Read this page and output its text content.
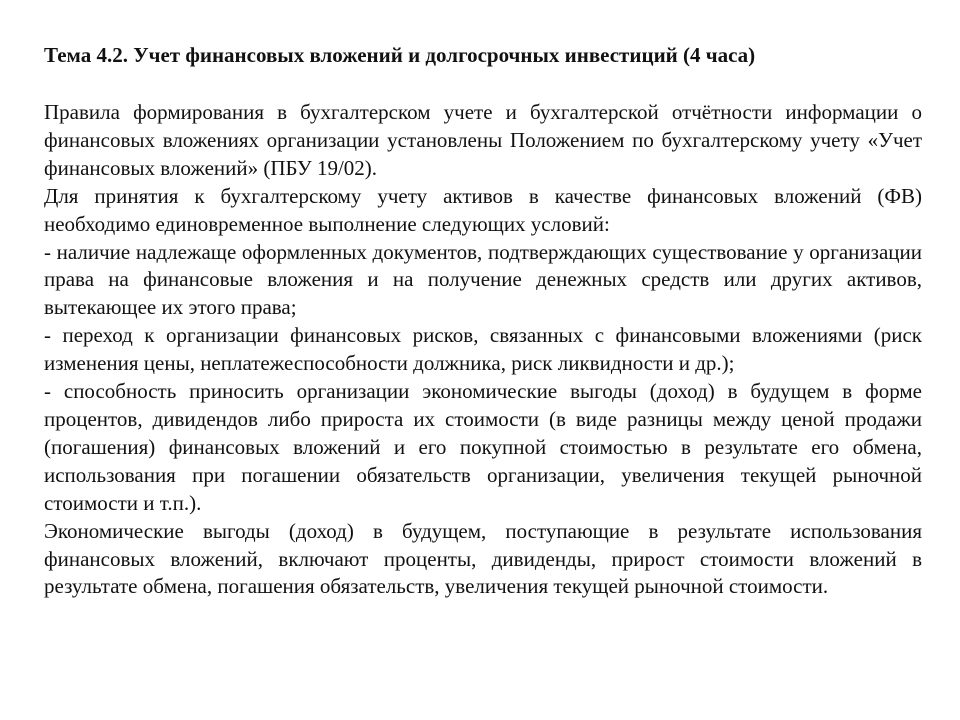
Тема 4.2. Учет финансовых вложений и долгосрочных инвестиций (4 часа)

Правила формирования в бухгалтерском учете и бухгалтерской отчётности информации о финансовых вложениях организации установлены Положением по бухгалтерскому учету «Учет финансовых вложений» (ПБУ 19/02).

Для принятия к бухгалтерскому учету активов в качестве финансовых вложений (ФВ) необходимо единовременное выполнение следующих условий:

- наличие надлежаще оформленных документов, подтверждающих существование у организации права на финансовые вложения и на получение денежных средств или других активов, вытекающее их этого права;

- переход к организации финансовых рисков, связанных с финансовыми вложениями (риск изменения цены, неплатежеспособности должника, риск ликвидности и др.);

- способность приносить организации экономические выгоды (доход) в будущем в форме процентов, дивидендов либо прироста их стоимости (в виде разницы между ценой продажи (погашения) финансовых вложений и его покупной стоимостью в результате его обмена, использования при погашении обязательств организации, увеличения текущей рыночной стоимости и т.п.).

Экономические выгоды (доход) в будущем, поступающие в результате использования финансовых вложений, включают проценты, дивиденды, прирост стоимости вложений в результате обмена, погашения обязательств, увеличения текущей рыночной стоимости.
